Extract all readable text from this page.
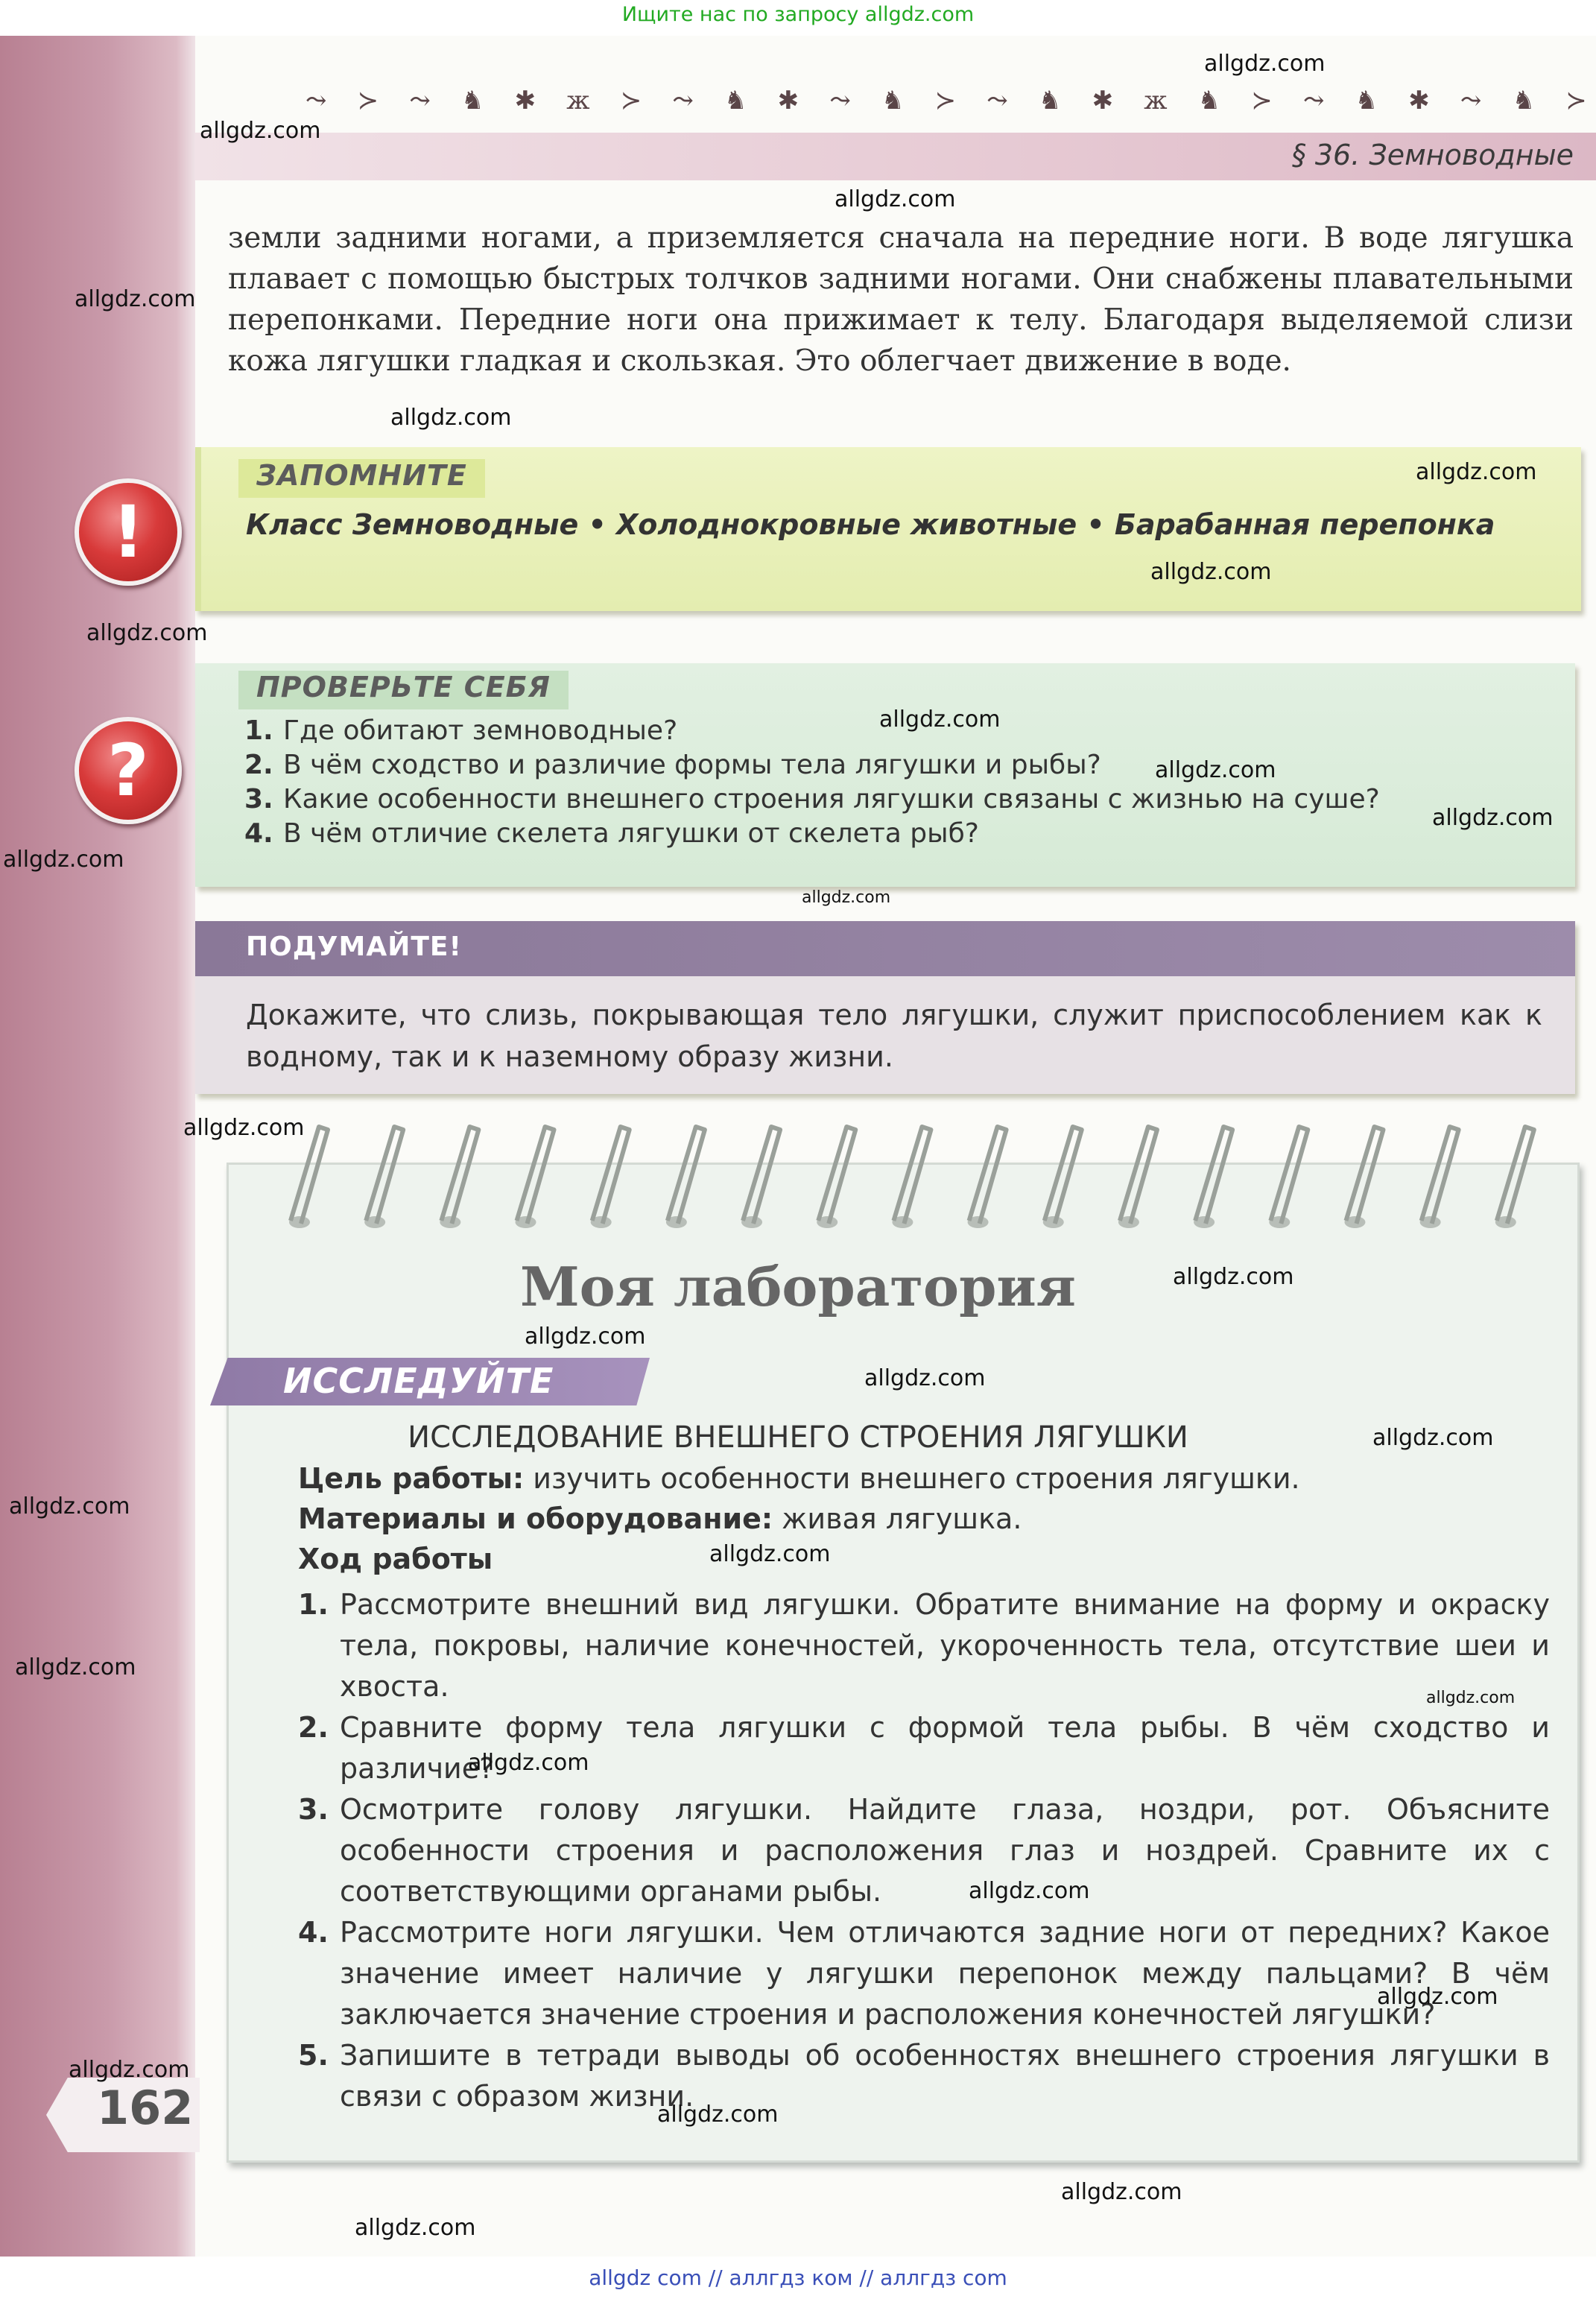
Ищите нас по запросу allgdz.com
⤳ ≻ ⤳ ♞ ✱ ж ≻ ⤳ ♞ ✱ ⤳ ♞ ≻ ⤳ ♞ ✱ ж ♞ ≻ ⤳ ♞ ✱ ⤳ ♞ ≻
§ 36. Земноводные
земли задними ногами, а приземляется сначала на передние ноги. В воде лягушка плавает с помощью быстрых толчков задними ногами. Они снабжены плавательными перепонками. Передние ноги она прижимает к телу. Благодаря выделяемой слизи кожа лягушки гладкая и скользкая. Это облегчает движение в воде.
ЗАПОМНИТЕ
Класс Земноводные • Холоднокровные животные • Барабанная перепонка
!
ПРОВЕРЬТЕ СЕБЯ
1. Где обитают земноводные?
2. В чём сходство и различие формы тела лягушки и рыбы?
3. Какие особенности внешнего строения лягушки связаны с жизнью на суше?
4. В чём отличие скелета лягушки от скелета рыб?
?
ПОДУМАЙТЕ!
Докажите, что слизь, покрывающая тело лягушки, служит приспособлением как к водному, так и к наземному образу жизни.
Моя лаборатория
ИССЛЕДУЙТЕ
ИССЛЕДОВАНИЕ ВНЕШНЕГО СТРОЕНИЯ ЛЯГУШКИ
Цель работы: изучить особенности внешнего строения лягушки.
Материалы и оборудование: живая лягушка.
Ход работы
1. Рассмотрите внешний вид лягушки. Обратите внимание на форму и окраску тела, покровы, наличие конечностей, укороченность тела, отсутствие шеи и хвоста.
2. Сравните форму тела лягушки с формой тела рыбы. В чём сходство и различие?
3. Осмотрите голову лягушки. Найдите глаза, ноздри, рот. Объясните особенности строения и расположения глаз и ноздрей. Сравните их с соответствующими органами рыбы.
4. Рассмотрите ноги лягушки. Чем отличаются задние ноги от передних? Какое значение имеет наличие у лягушки перепонок между пальцами? В чём заключается значение строения и расположения конечностей лягушки?
5. Запишите в тетради выводы об особенностях внешнего строения лягушки в связи с образом жизни.
162
allgdz.com
allgdz.com
allgdz.com
allgdz.com
allgdz.com
allgdz.com
allgdz.com
allgdz.com
allgdz.com
allgdz.com
allgdz.com
allgdz.com
allgdz.com
allgdz.com
allgdz.com
allgdz.com
allgdz.com
allgdz.com
allgdz.com
allgdz.com
allgdz.com
allgdz.com
allgdz.com
allgdz.com
allgdz.com
allgdz.com
allgdz.com
allgdz.com
allgdz.com
allgdz com // аллгдз ком // аллгдз com
